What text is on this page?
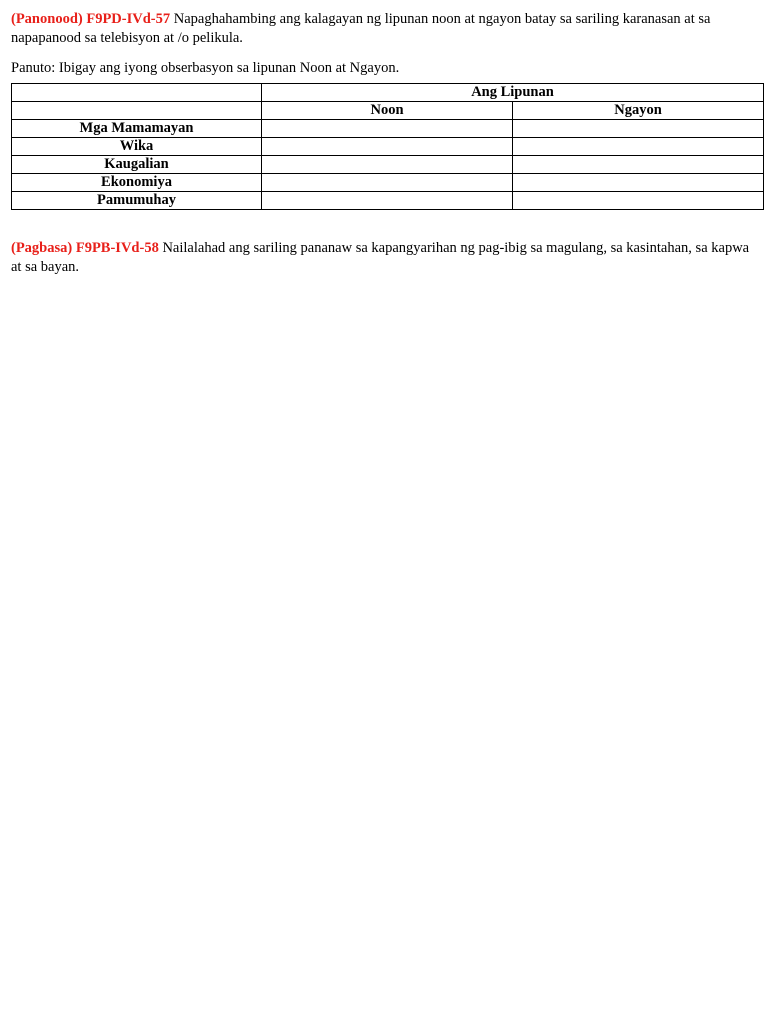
(Panonood) F9PD-IVd-57 Napaghahambing ang kalagayan ng lipunan noon at ngayon batay sa sariling karanasan at sa napapanood sa telebisyon at /o pelikula.

Panuto: Ibigay ang iyong obserbasyon sa lipunan Noon at Ngayon.

	Ang Lipunan	
	Noon	Ngayon
Mga Mamamayan		
Wika		
Kaugalian		
Ekonomiya		
Pamumuhay		

(Pagbasa) F9PB-IVd-58 Nailalahad ang sariling pananaw sa kapangyarihan ng pag-ibig sa magulang, sa kasintahan, sa kapwa at sa bayan.
